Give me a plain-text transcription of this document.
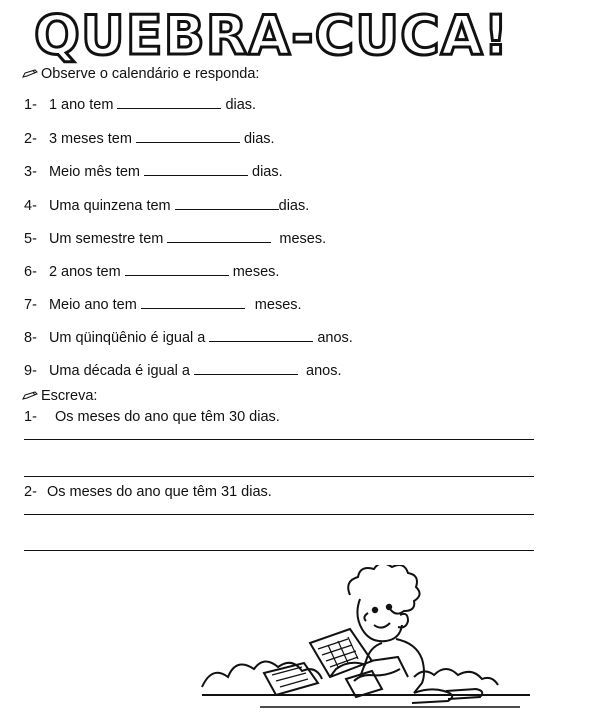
QUEBRA-CUCA!
Observe o calendário e responda:
1- 1 ano tem	dias.
2- 3 meses tem	dias.
3- Meio mês tem	dias.
4- Uma quinzena tem	dias.
5- Um semestre tem	meses.
6- 2 anos tem	meses.
7- Meio ano tem	meses.
8- Um qüinqüênio é igual a	anos.
9- Uma década é igual a	anos.
Escreva:
1- Os meses do ano que têm 30 dias.
2- Os meses do ano que têm 31 dias.
